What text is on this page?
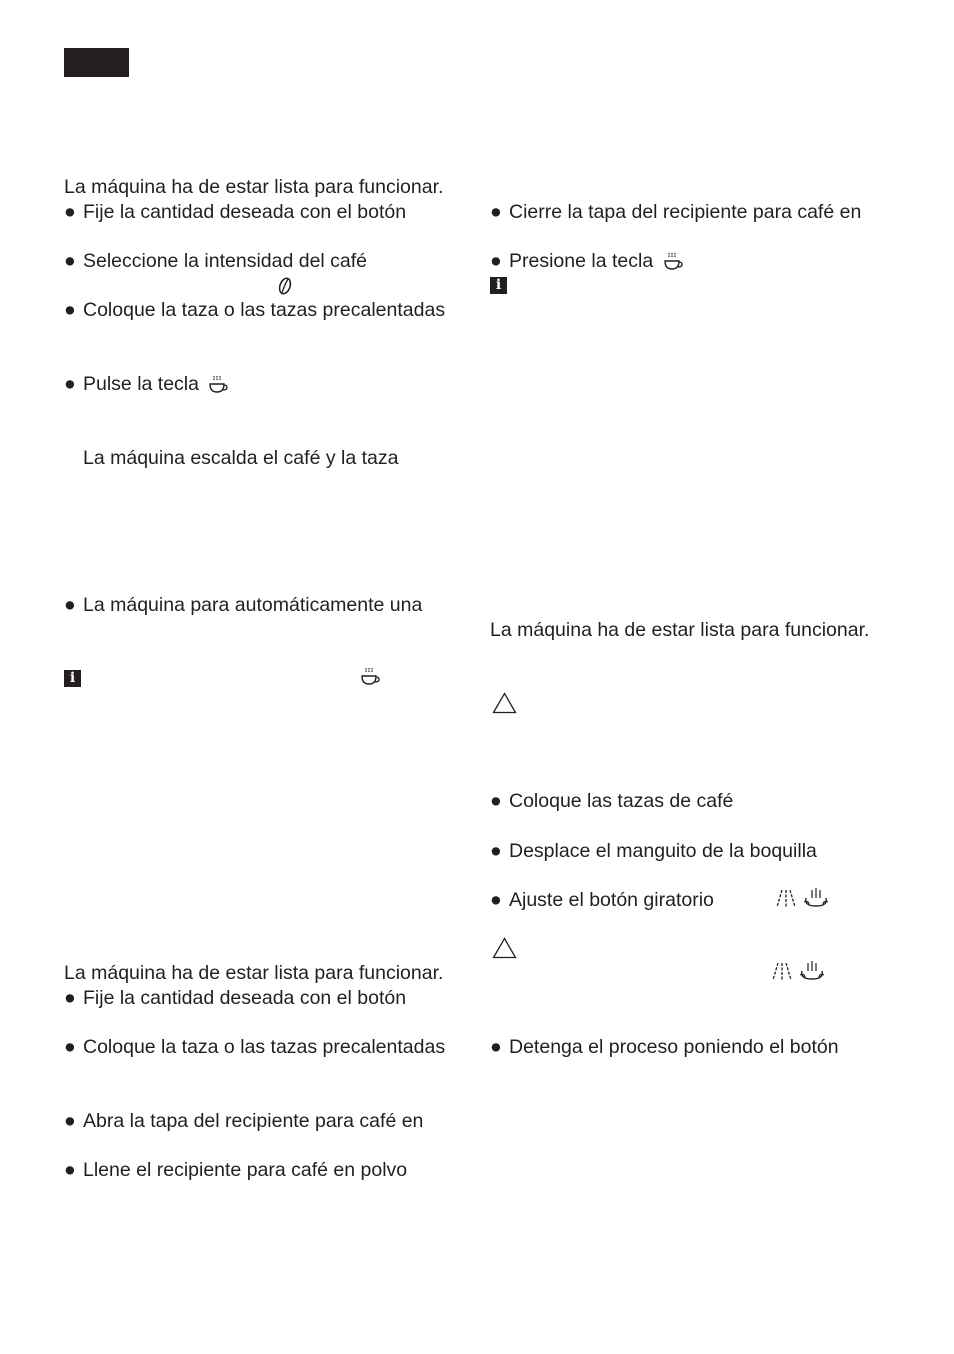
La máquina ha de estar lista para funcionar.
● Fije la cantidad deseada con el botón
● Seleccione la intensidad del café
● Coloque la taza o las tazas precalentadas
● Pulse la tecla
La máquina escalda el café y la taza
● La máquina para automáticamente una
i
La máquina ha de estar lista para funcionar.
● Fije la cantidad deseada con el botón
● Coloque la taza o las tazas precalentadas
● Abra la tapa del recipiente para café en
● Llene el recipiente para café en polvo
● Cierre la tapa del recipiente para café en
● Presione la tecla
i
La máquina ha de estar lista para funcionar.
● Coloque las tazas de café
● Desplace el manguito de la boquilla
● Ajuste el botón giratorio
● Detenga el proceso poniendo el botón
